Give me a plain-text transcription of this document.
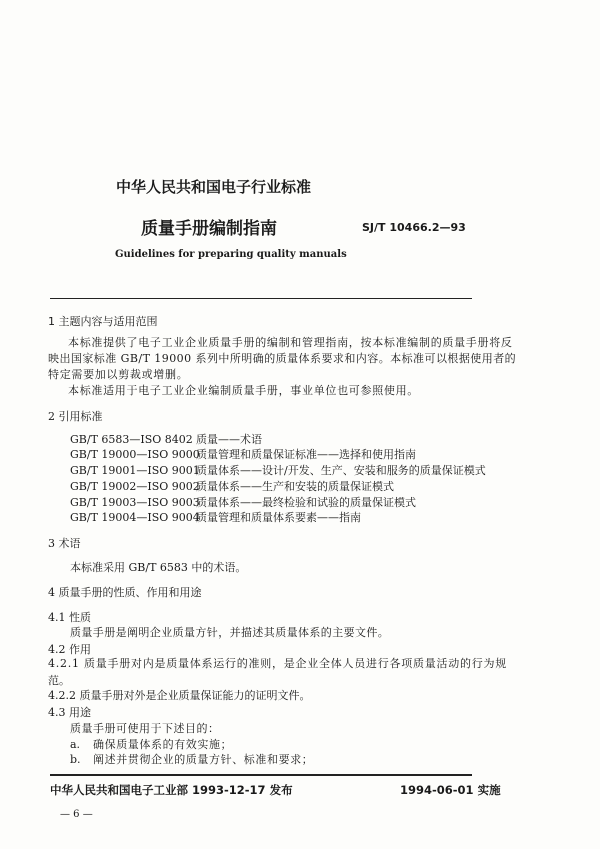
中华人民共和国电子行业标准
质量手册编制指南	SJ/T 10466.2—93
Guidelines for preparing quality manuals
1 主题内容与适用范围
本标准提供了电子工业企业质量手册的编制和管理指南，按本标准编制的质量手册将反
映出国家标准 GB/T 19000 系列中所明确的质量体系要求和内容。本标准可以根据使用者的
特定需要加以剪裁或增删。
本标准适用于电子工业企业编制质量手册，事业单位也可参照使用。
2 引用标准
GB/T 6583—ISO 8402 质量——术语
GB/T 19000—ISO 9000
质量管理和质量保证标准——选择和使用指南
GB/T 19001—ISO 9001
质量体系——设计/开发、生产、安装和服务的质量保证模式
GB/T 19002—ISO 9002
质量体系——生产和安装的质量保证模式
GB/T 19003—ISO 9003
质量体系——最终检验和试验的质量保证模式
GB/T 19004—ISO 9004
质量管理和质量体系要素——指南
3 术语
本标准采用 GB/T 6583 中的术语。
4 质量手册的性质、作用和用途
4.1 性质
质量手册是阐明企业质量方针，并描述其质量体系的主要文件。
4.2 作用
4.2.1 质量手册对内是质量体系运行的准则，是企业全体人员进行各项质量活动的行为规
范。
4.2.2 质量手册对外是企业质量保证能力的证明文件。
4.3 用途
质量手册可使用于下述目的：
a. 确保质量体系的有效实施；
b. 阐述并贯彻企业的质量方针、标准和要求；
中华人民共和国电子工业部 1993-12-17 发布	1994-06-01 实施
— 6 —
